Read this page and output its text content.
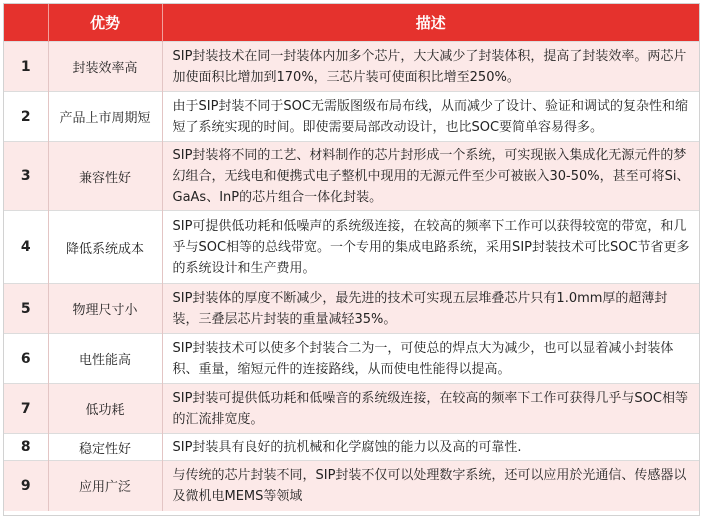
	优势	描述
1	封装效率高	SIP封装技术在同一封装体内加多个芯片，大大减少了封装体积，提高了封装效率。两芯片加使面积比增加到170%，三芯片装可使面积比增至250%。
2	产品上市周期短	由于SIP封装不同于SOC无需版图级布局布线，从而减少了设计、验证和调试的复杂性和缩短了系统实现的时间。即使需要局部改动设计，也比SOC要简单容易得多。
3	兼容性好	SIP封装将不同的工艺、材料制作的芯片封形成一个系统，可实现嵌入集成化无源元件的梦幻组合，无线电和便携式电子整机中现用的无源元件至少可被嵌入30-50%，甚至可将Si、GaAs、InP的芯片组合一体化封装。
4	降低系统成本	SIP可提供低功耗和低噪声的系统级连接，在较高的频率下工作可以获得较宽的带宽，和几乎与SOC相等的总线带宽。一个专用的集成电路系统，采用SIP封装技术可比SOC节省更多的系统设计和生产费用。
5	物理尺寸小	SIP封装体的厚度不断减少，最先进的技术可实现五层堆叠芯片只有1.0mm厚的超薄封装，三叠层芯片封装的重量减轻35%。
6	电性能高	SIP封装技术可以使多个封装合二为一，可使总的焊点大为减少，也可以显着减小封装体积、重量，缩短元件的连接路线，从而使电性能得以提高。
7	低功耗	SIP封装可提供低功耗和低噪音的系统级连接，在较高的频率下工作可获得几乎与SOC相等的汇流排宽度。
8	稳定性好	SIP封装具有良好的抗机械和化学腐蚀的能力以及高的可靠性.
9	应用广泛	与传统的芯片封装不同，SIP封装不仅可以处理数字系统，还可以应用於光通信、传感器以及微机电MEMS等领域
